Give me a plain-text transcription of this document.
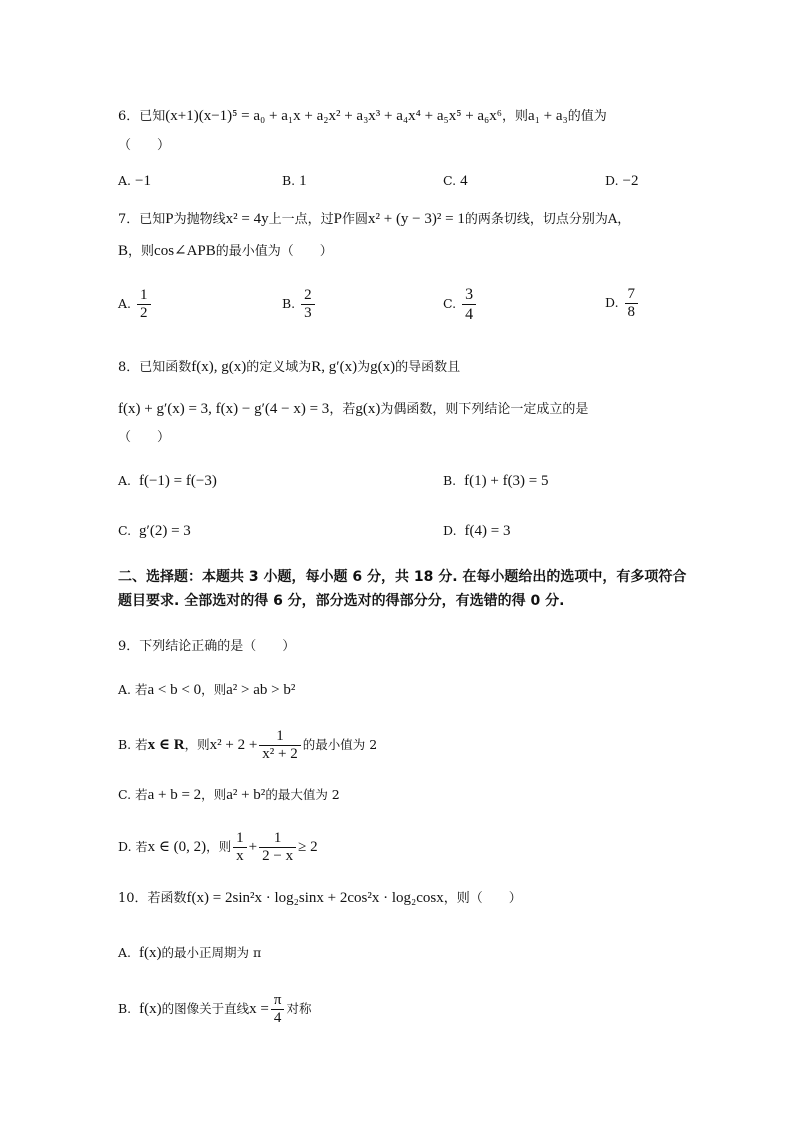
6．已知(x+1)(x−1)⁵ = a₀ + a₁x + a₂x² + a₃x³ + a₄x⁴ + a₅x⁵ + a₆x⁶，则a₁ + a₃的值为
（　　）
A. −1	B. 1	C. 4	D. −2
7．已知P为抛物线x² = 4y上一点，过P作圆x² + (y − 3)² = 1的两条切线，切点分别为A，
B，则cos∠APB的最小值为（　　）
A. $\frac{1}{2}$	B. $\frac{2}{3}$	C. $\frac{3}{4}$	D. $\frac{7}{8}$
8．已知函数f(x), g(x)的定义域为R, g′(x)为g(x)的导函数且
f(x) + g′(x) = 3, f(x) − g′(4 − x) = 3，若g(x)为偶函数，则下列结论一定成立的是
（　　）
A. f(−1) = f(−3)	B. f(1) + f(3) = 5
C. g′(2) = 3	D. f(4) = 3
二、选择题：本题共 3 小题，每小题 6 分，共 18 分. 在每小题给出的选项中，有多项符合题目要求. 全部选对的得 6 分，部分选对的得部分分，有选错的得 0 分.
9．下列结论正确的是（　　）
A. 若a < b < 0，则a² > ab > b²
B. 若x ∈ R，则$x^2 + 2 + \frac{1}{\text{x² + 2}}$ 的最小值为 2
C. 若a + b = 2，则a² + b²的最大值为 2
D. 若x ∈ (0, 2)，则 $\frac{1}{x} + \frac{1}{2 - x} \ge 2$
10．若函数f(x) = 2sin²x · log₂sinx + 2cos²x · log₂cosx，则（　　）
A. f(x)的最小正周期为 π
B. f(x)的图像关于直线$x = \frac{\pi}{4}$ 对称
